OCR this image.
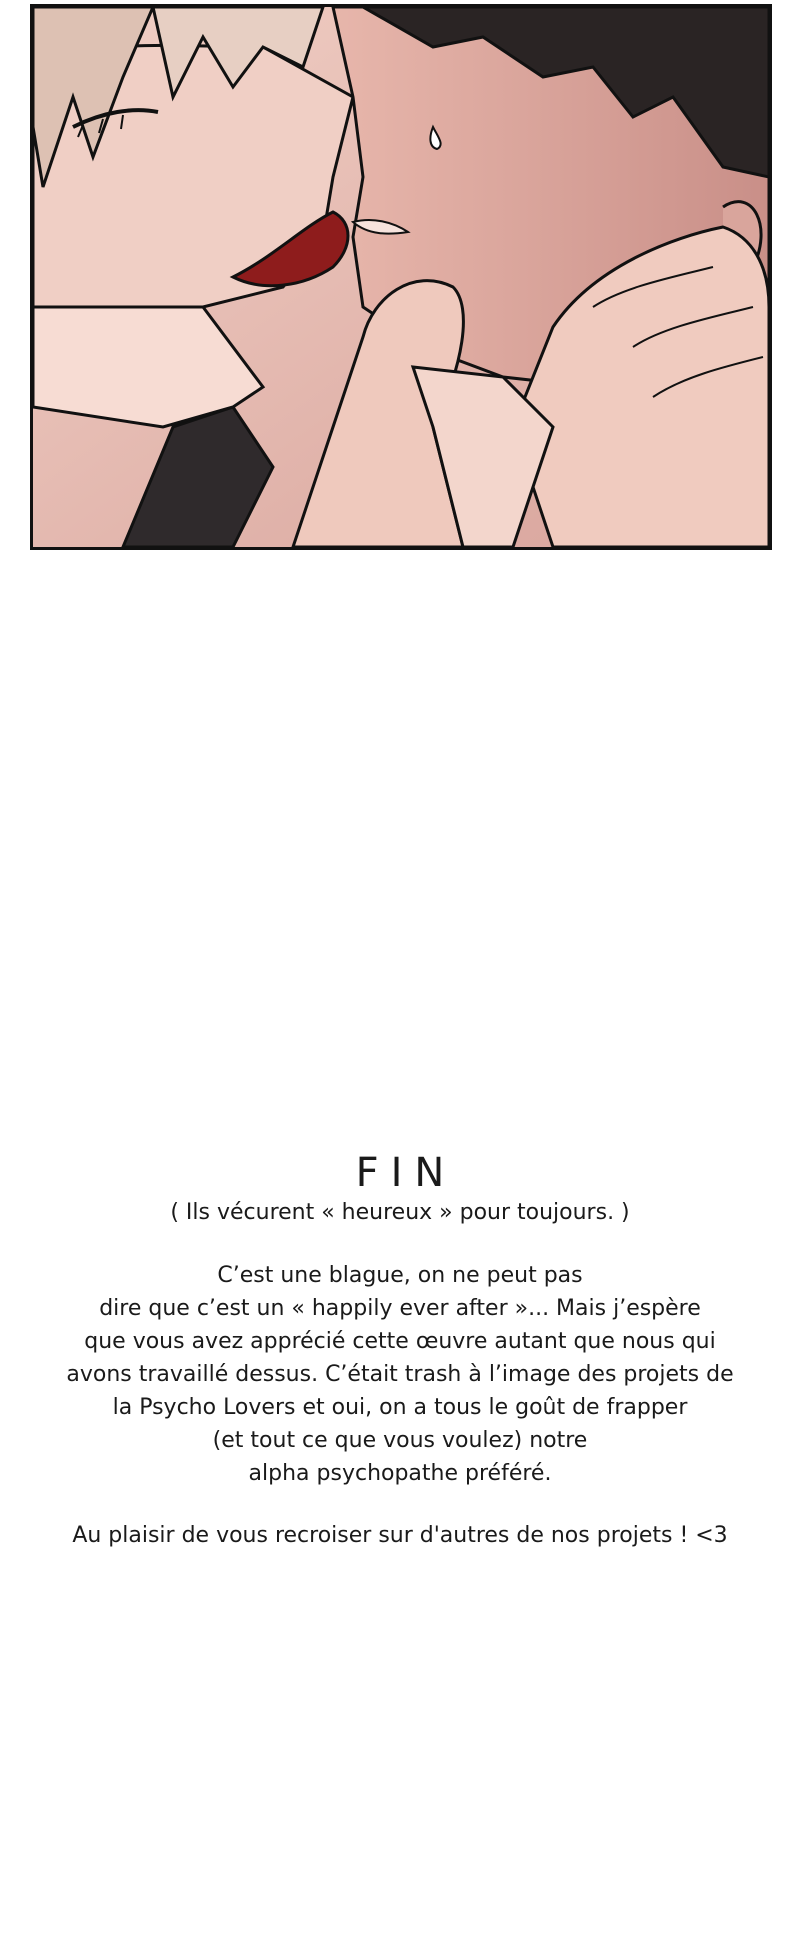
FIN

( Ils vécurent « heureux » pour toujours. )

C’est une blague, on ne peut pas
dire que c’est un « happily ever after »... Mais j’espère
que vous avez apprécié cette œuvre autant que nous qui
avons travaillé dessus. C’était trash à l’image des projets de
la Psycho Lovers et oui, on a tous le goût de frapper
(et tout ce que vous voulez) notre
alpha psychopathe préféré.

Au plaisir de vous recroiser sur d'autres de nos projets ! <3
